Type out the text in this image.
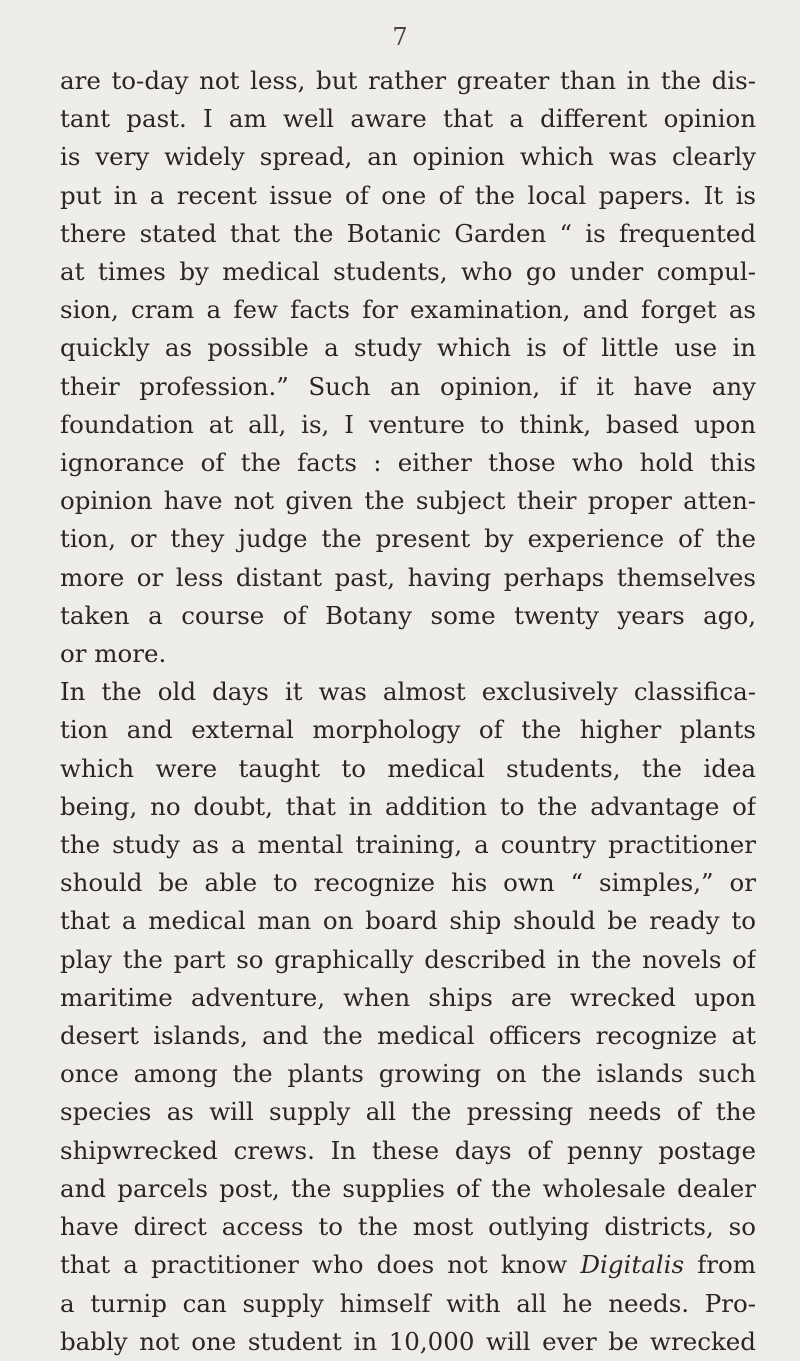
7
are to-day not less, but rather greater than in the dis-
tant past. I am well aware that a different opinion
is very widely spread, an opinion which was clearly
put in a recent issue of one of the local papers. It is
there stated that the Botanic Garden “ is frequented
at times by medical students, who go under compul-
sion, cram a few facts for examination, and forget as
quickly as possible a study which is of little use in
their profession.” Such an opinion, if it have any
foundation at all, is, I venture to think, based upon
ignorance of the facts : either those who hold this
opinion have not given the subject their proper atten-
tion, or they judge the present by experience of the
more or less distant past, having perhaps themselves
taken a course of Botany some twenty years ago,
or more.
In the old days it was almost exclusively classifica-
tion and external morphology of the higher plants
which were taught to medical students, the idea
being, no doubt, that in addition to the advantage of
the study as a mental training, a country practitioner
should be able to recognize his own “ simples,” or
that a medical man on board ship should be ready to
play the part so graphically described in the novels of
maritime adventure, when ships are wrecked upon
desert islands, and the medical officers recognize at
once among the plants growing on the islands such
species as will supply all the pressing needs of the
shipwrecked crews. In these days of penny postage
and parcels post, the supplies of the wholesale dealer
have direct access to the most outlying districts, so
that a practitioner who does not know Digitalis from
a turnip can supply himself with all he needs. Pro-
bably not one student in 10,000 will ever be wrecked
